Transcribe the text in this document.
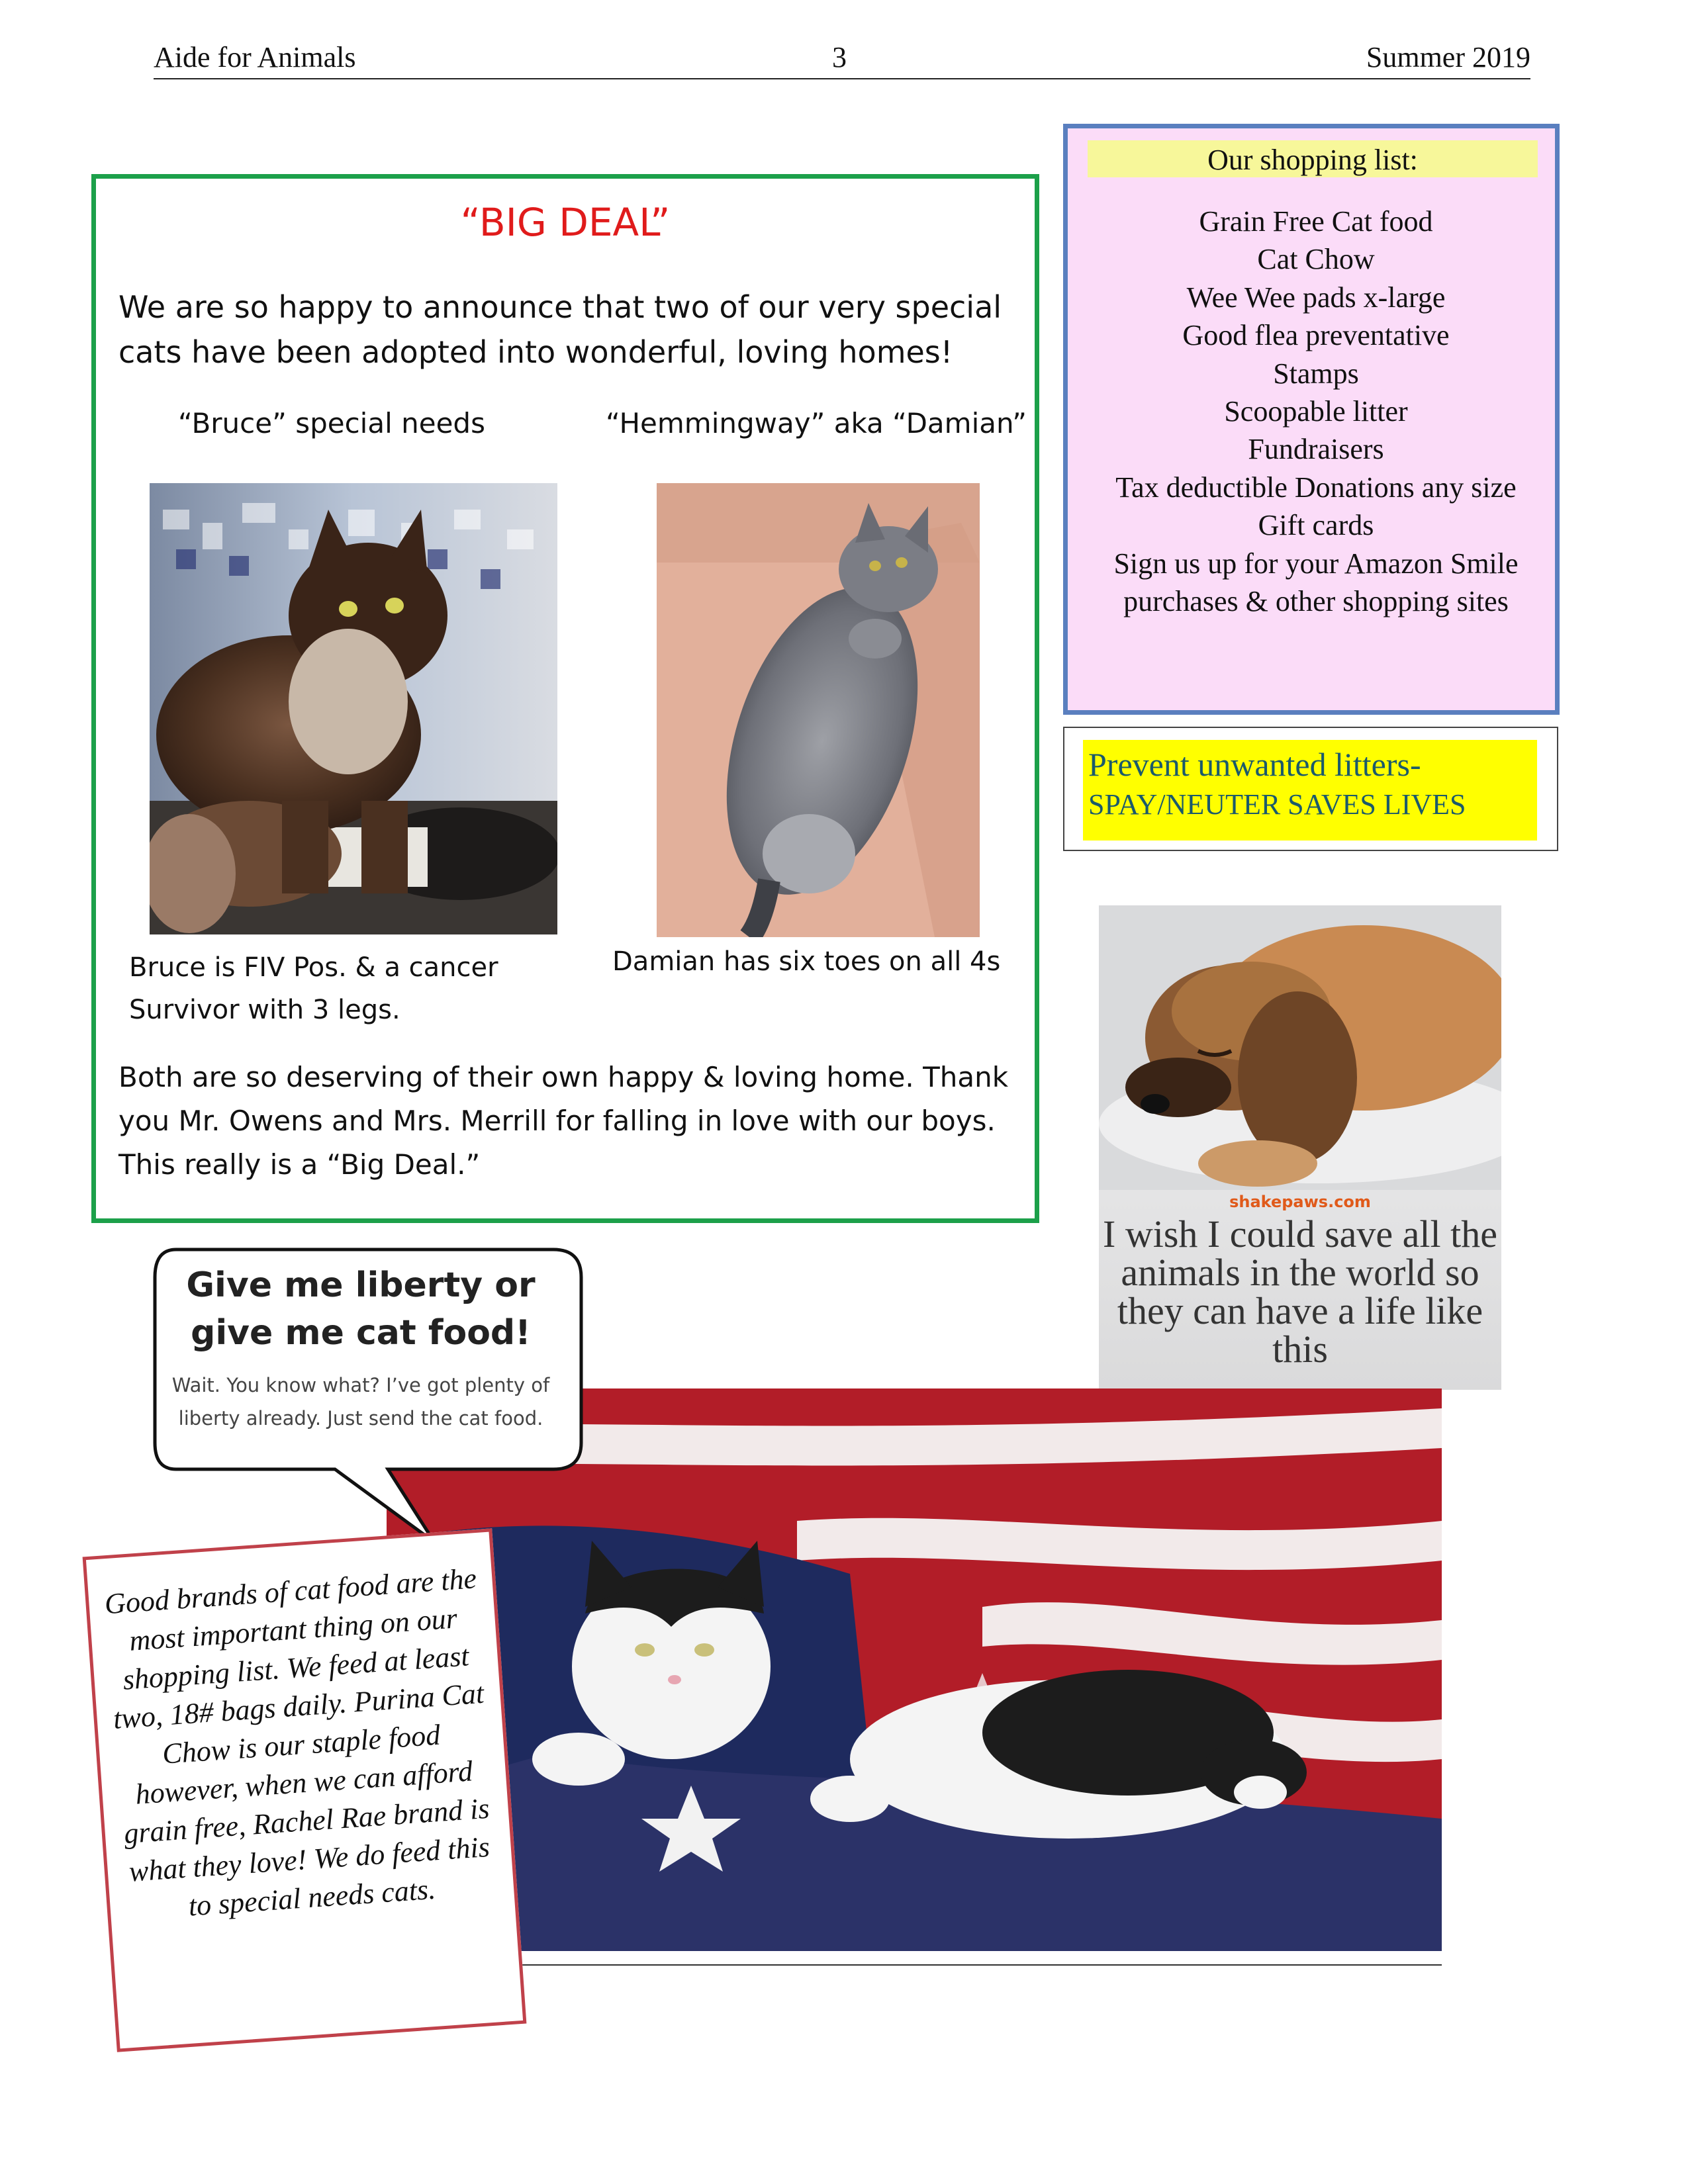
Aide for Animals	3	Summer 2019
“BIG DEAL”
We are so happy to announce that two of our very special cats have been adopted into wonderful, loving homes!
“Bruce” special needs	“Hemmingway” aka “Damian”
Bruce is FIV Pos. & a cancer Survivor with 3 legs.
Damian has six toes on all 4s
Both are so deserving of their own happy & loving home. Thank you Mr. Owens and Mrs. Merrill for falling in love with our boys. This really is a “Big Deal.”
Our shopping list:
Grain Free Cat food
Cat Chow
Wee Wee pads x-large
Good flea preventative
Stamps
Scoopable litter
Fundraisers
Tax deductible Donations any size
Gift cards
Sign us up for your Amazon Smile purchases & other shopping sites
Prevent unwanted litters-
SPAY/NEUTER SAVES LIVES
shakepaws.com
I wish I could save all the animals in the world so they can have a life like this
Give me liberty or give me cat food!
Wait. You know what? I’ve got plenty of liberty already. Just send the cat food.
Good brands of cat food are the most important thing on our shopping list. We feed at least two, 18# bags daily. Purina Cat Chow is our staple food however, when we can afford grain free, Rachel Rae brand is what they love! We do feed this to special needs cats.
